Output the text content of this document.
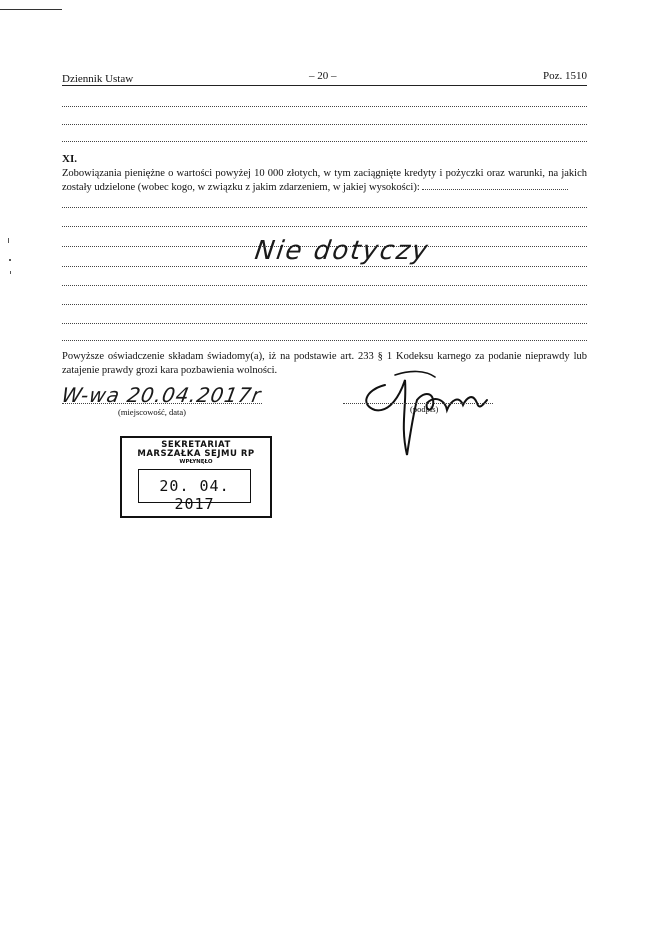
Dziennik Ustaw	– 20 –	Poz. 1510
XI.
Zobowiązania pieniężne o wartości powyżej 10 000 złotych, w tym zaciągnięte kredyty i pożyczki oraz warunki, na jakich zostały udzielone (wobec kogo, w związku z jakim zdarzeniem, w jakiej wysokości):
Nie dotyczy
Powyższe oświadczenie składam świadomy(a), iż na podstawie art. 233 § 1 Kodeksu karnego za podanie nieprawdy lub zatajenie prawdy grozi kara pozbawienia wolności.
W-wa 20.04.2017r
(miejscowość, data)	(podpis)
SEKRETARIAT
MARSZAŁKA SEJMU RP
WPŁYNĘŁO
20. 04. 2017
